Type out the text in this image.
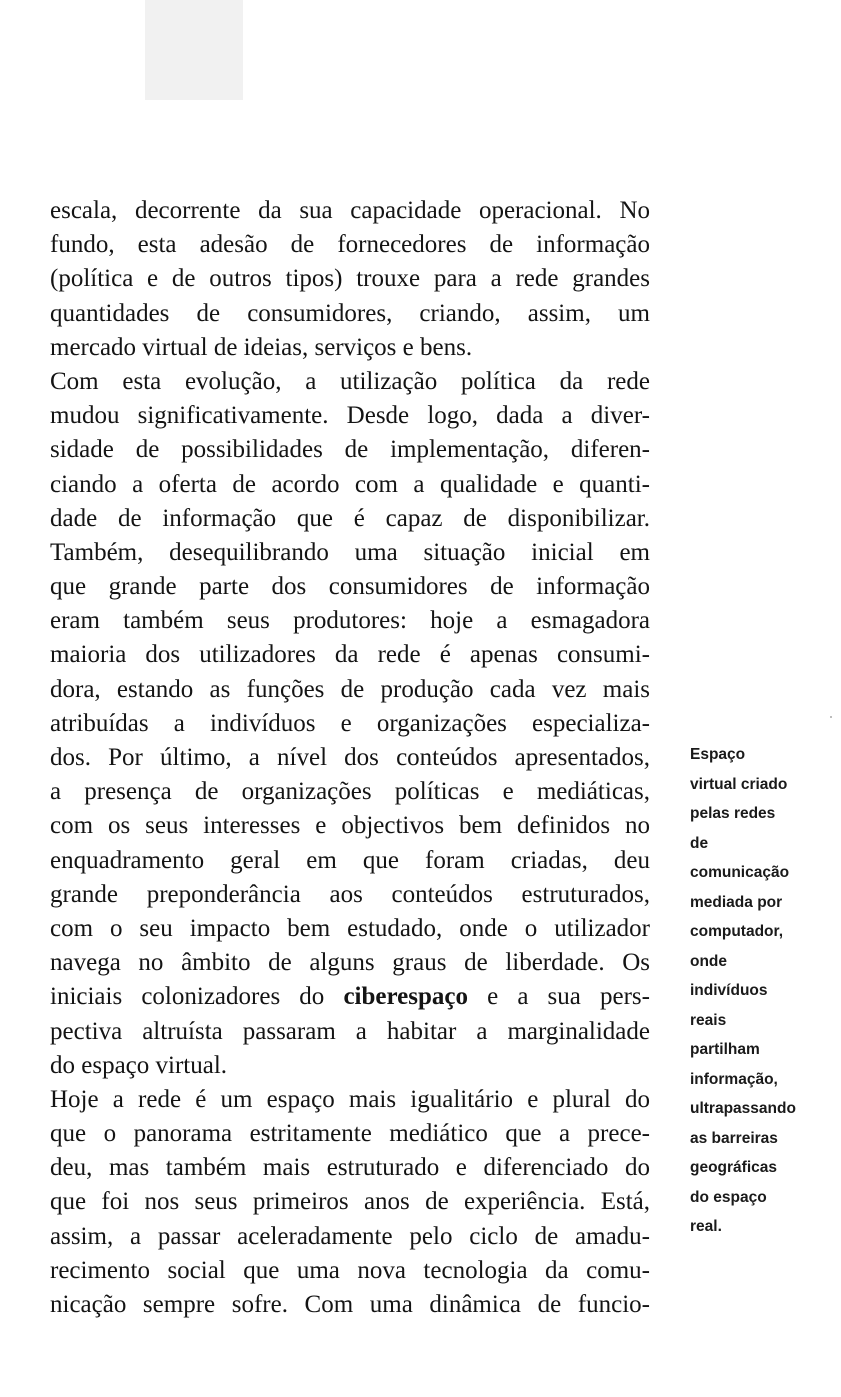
escala, decorrente da sua capacidade operacional. No
fundo, esta adesão de fornecedores de informação
(política e de outros tipos) trouxe para a rede grandes
quantidades de consumidores, criando, assim, um
mercado virtual de ideias, serviços e bens.
Com esta evolução, a utilização política da rede
mudou significativamente. Desde logo, dada a diver-
sidade de possibilidades de implementação, diferen-
ciando a oferta de acordo com a qualidade e quanti-
dade de informação que é capaz de disponibilizar.
Também, desequilibrando uma situação inicial em
que grande parte dos consumidores de informação
eram também seus produtores: hoje a esmagadora
maioria dos utilizadores da rede é apenas consumi-
dora, estando as funções de produção cada vez mais
atribuídas a indivíduos e organizações especializa-
dos. Por último, a nível dos conteúdos apresentados,
a presença de organizações políticas e mediáticas,
com os seus interesses e objectivos bem definidos no
enquadramento geral em que foram criadas, deu
grande preponderância aos conteúdos estruturados,
com o seu impacto bem estudado, onde o utilizador
navega no âmbito de alguns graus de liberdade. Os
iniciais colonizadores do ciberespaço e a sua pers-
pectiva altruísta passaram a habitar a marginalidade
do espaço virtual.
Hoje a rede é um espaço mais igualitário e plural do
que o panorama estritamente mediático que a prece-
deu, mas também mais estruturado e diferenciado do
que foi nos seus primeiros anos de experiência. Está,
assim, a passar aceleradamente pelo ciclo de amadu-
recimento social que uma nova tecnologia da comu-
nicação sempre sofre. Com uma dinâmica de funcio-
Espaço
virtual criado
pelas redes
de
comunicação
mediada por
computador,
onde
indivíduos
reais
partilham
informação,
ultrapassando
as barreiras
geográficas
do espaço
real.
